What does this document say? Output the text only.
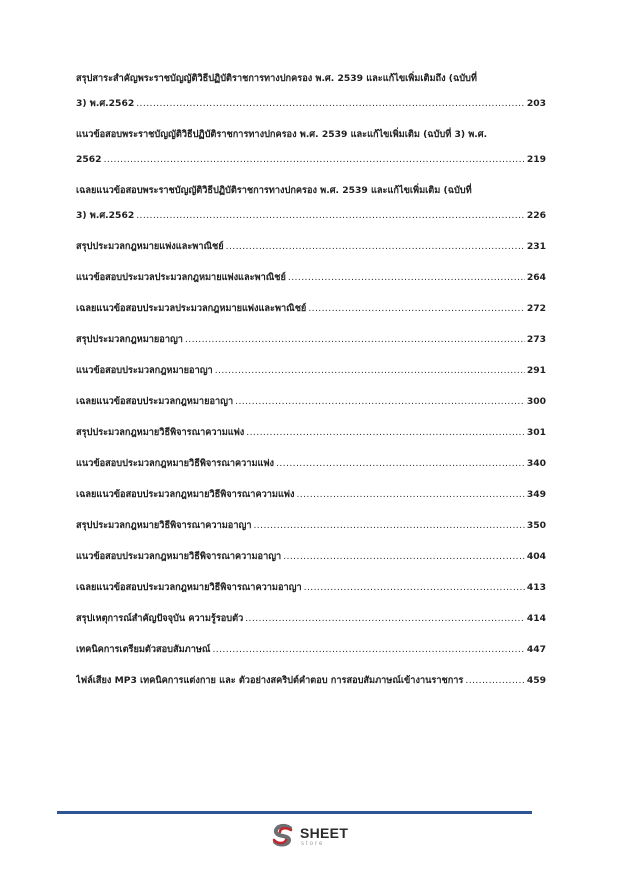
สรุปสาระสำคัญพระราชบัญญัติวิธีปฏิบัติราชการทางปกครอง พ.ศ. 2539 และแก้ไขเพิ่มเติมถึง (ฉบับที่
3) พ.ศ.2562 .....	203
แนวข้อสอบพระราชบัญญัติวิธีปฏิบัติราชการทางปกครอง พ.ศ. 2539 และแก้ไขเพิ่มเติม (ฉบับที่ 3) พ.ศ.
2562 .....	219
เฉลยแนวข้อสอบพระราชบัญญัติวิธีปฏิบัติราชการทางปกครอง พ.ศ. 2539 และแก้ไขเพิ่มเติม (ฉบับที่
3) พ.ศ.2562 .....	226
สรุปประมวลกฎหมายแพ่งและพาณิชย์ .....	231
แนวข้อสอบประมวลประมวลกฎหมายแพ่งและพาณิชย์ .....	264
เฉลยแนวข้อสอบประมวลประมวลกฎหมายแพ่งและพาณิชย์ .....	272
สรุปประมวลกฎหมายอาญา .....	273
แนวข้อสอบประมวลกฎหมายอาญา .....	291
เฉลยแนวข้อสอบประมวลกฎหมายอาญา .....	300
สรุปประมวลกฎหมายวิธีพิจารณาความแพ่ง .....	301
แนวข้อสอบประมวลกฎหมายวิธีพิจารณาความแพ่ง .....	340
เฉลยแนวข้อสอบประมวลกฎหมายวิธีพิจารณาความแพ่ง .....	349
สรุปประมวลกฎหมายวิธีพิจารณาความอาญา .....	350
แนวข้อสอบประมวลกฎหมายวิธีพิจารณาความอาญา .....	404
เฉลยแนวข้อสอบประมวลกฎหมายวิธีพิจารณาความอาญา .....	413
สรุปเหตุการณ์สำคัญปัจจุบัน ความรู้รอบตัว .....	414
เทคนิคการเตรียมตัวสอบสัมภาษณ์ .....	447
ไฟล์เสียง MP3 เทคนิคการแต่งกาย และ ตัวอย่างสคริปต์คำตอบ การสอบสัมภาษณ์เข้างานราชการ .....	459
SHEET
store
